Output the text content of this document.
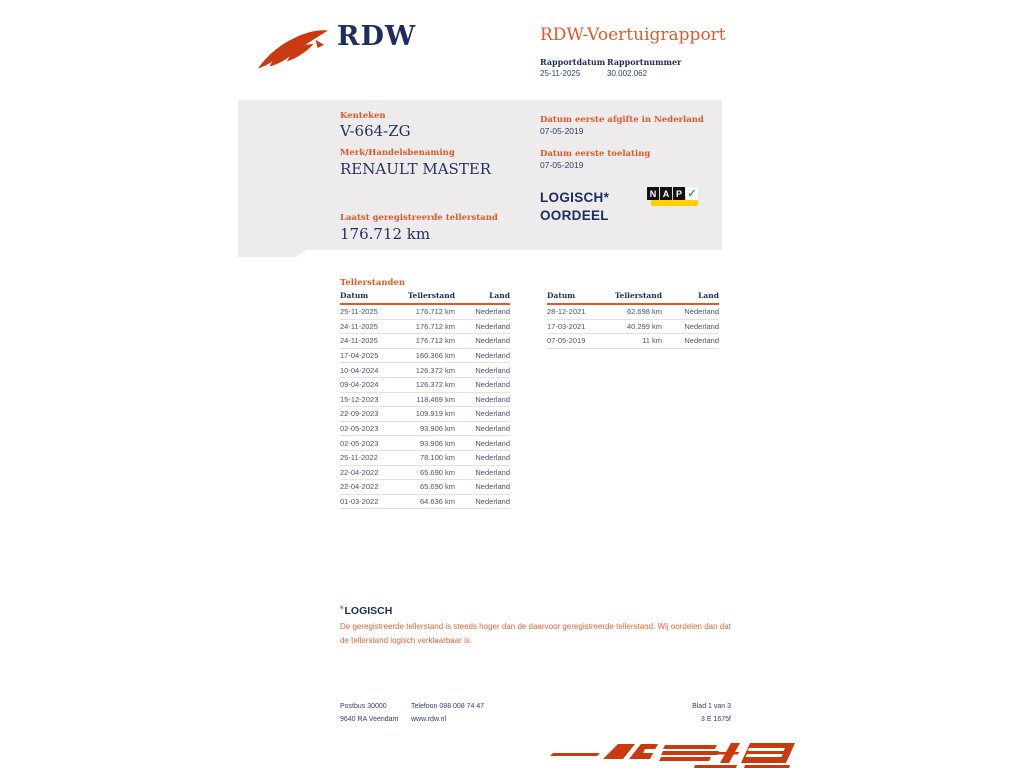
RDW	RDW-Voertuigrapport
Rapportdatum Rapportnummer
25-11-2025	30.002.062
Kenteken
V-664-ZG
Merk/Handelsbenaming
RENAULT MASTER
Laatst geregistreerde tellerstand
176.712 km
Datum eerste afgifte in Nederland
07-05-2019
Datum eerste toelating
07-05-2019
LOGISCH*
OORDEEL
N A P ✓
Tellerstanden
Datum	Tellerstand	Land
25-11-2025	176.712 km	Nederland
24-11-2025	176.712 km	Nederland
24-11-2025	176.712 km	Nederland
17-04-2025	160.366 km	Nederland
10-04-2024	126.372 km	Nederland
09-04-2024	126.372 km	Nederland
15-12-2023	118.469 km	Nederland
22-09-2023	109.919 km	Nederland
02-05-2023	93.906 km	Nederland
02-05-2023	93.906 km	Nederland
25-11-2022	78.100 km	Nederland
22-04-2022	65.690 km	Nederland
22-04-2022	65.690 km	Nederland
01-03-2022	64.636 km	Nederland
Datum	Tellerstand	Land
28-12-2021	62.698 km	Nederland
17-03-2021	40.299 km	Nederland
07-05-2019	11 km	Nederland
*LOGISCH
De geregistreerde tellerstand is steeds hoger dan de daarvoor geregistreerde tellerstand. Wij oordelen dan dat de tellerstand logisch verklaarbaar is.
Postbus 30000
9640 RA Veendam
Telefoon 088 008 74 47
www.rdw.nl
Blad 1 van 3
3 E 1675f
